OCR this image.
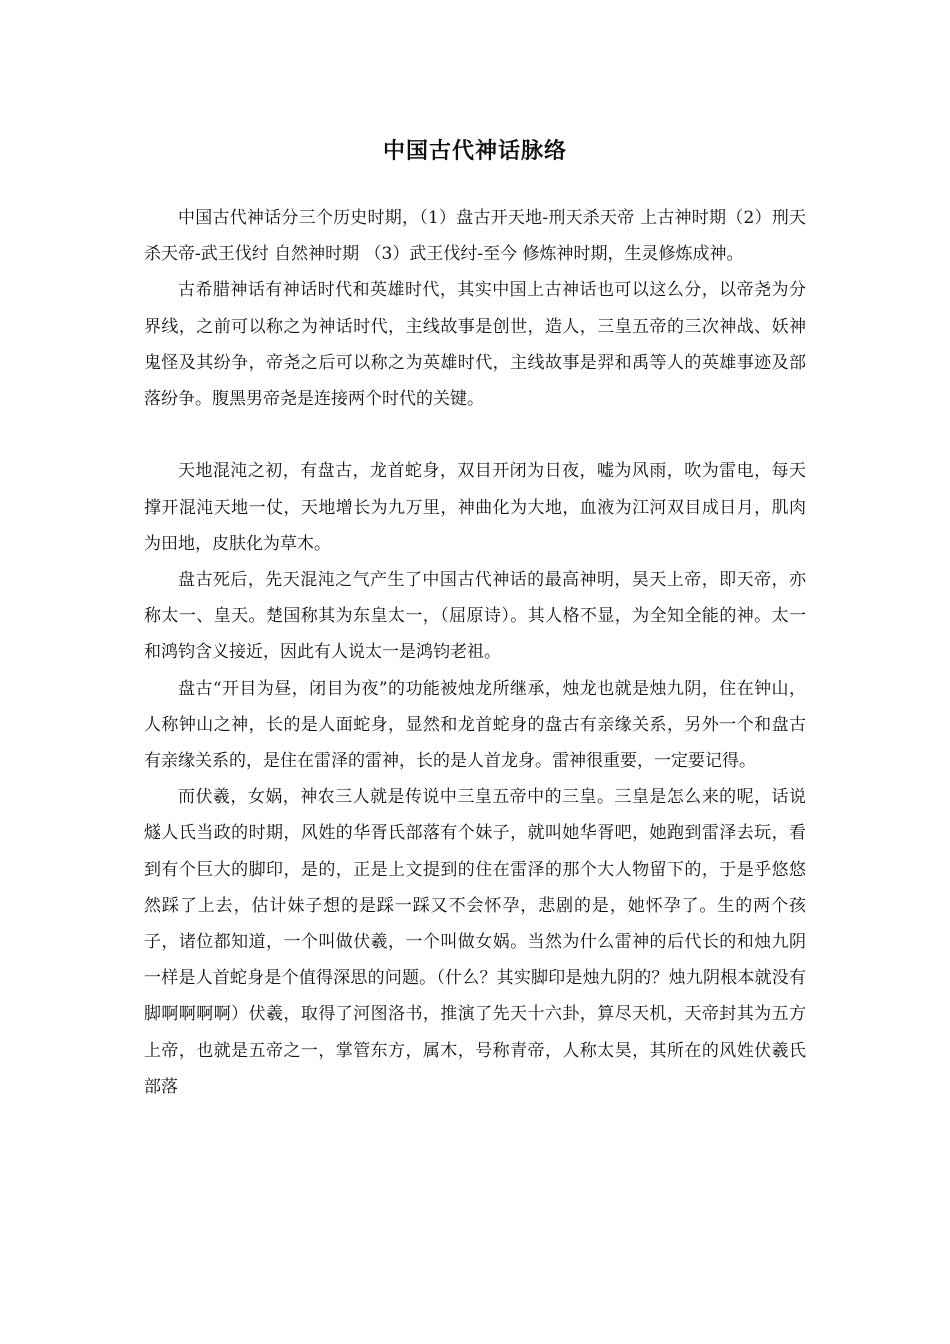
中国古代神话脉络

中国古代神话分三个历史时期，（1）盘古开天地-刑天杀天帝 上古神时期（2）刑天杀天帝-武王伐纣 自然神时期 （3）武王伐纣-至今 修炼神时期，生灵修炼成神。

古希腊神话有神话时代和英雄时代，其实中国上古神话也可以这么分，以帝尧为分界线，之前可以称之为神话时代，主线故事是创世，造人，三皇五帝的三次神战、妖神鬼怪及其纷争，帝尧之后可以称之为英雄时代，主线故事是羿和禹等人的英雄事迹及部落纷争。腹黑男帝尧是连接两个时代的关键。

天地混沌之初，有盘古，龙首蛇身，双目开闭为日夜，嘘为风雨，吹为雷电，每天撑开混沌天地一仗，天地增长为九万里，神曲化为大地，血液为江河双目成日月，肌肉为田地，皮肤化为草木。

盘古死后，先天混沌之气产生了中国古代神话的最高神明，昊天上帝，即天帝，亦称太一、皇天。楚国称其为东皇太一，（屈原诗）。其人格不显，为全知全能的神。太一和鸿钧含义接近，因此有人说太一是鸿钧老祖。

盘古“开目为昼，闭目为夜”的功能被烛龙所继承，烛龙也就是烛九阴，住在钟山，人称钟山之神，长的是人面蛇身，显然和龙首蛇身的盘古有亲缘关系，另外一个和盘古有亲缘关系的，是住在雷泽的雷神，长的是人首龙身。雷神很重要，一定要记得。

而伏羲，女娲，神农三人就是传说中三皇五帝中的三皇。三皇是怎么来的呢，话说燧人氏当政的时期，风姓的华胥氏部落有个妹子，就叫她华胥吧，她跑到雷泽去玩，看到有个巨大的脚印，是的，正是上文提到的住在雷泽的那个大人物留下的，于是乎悠悠然踩了上去，估计妹子想的是踩一踩又不会怀孕，悲剧的是，她怀孕了。生的两个孩子，诸位都知道，一个叫做伏羲，一个叫做女娲。当然为什么雷神的后代长的和烛九阴一样是人首蛇身是个值得深思的问题。（什么？其实脚印是烛九阴的？烛九阴根本就没有脚啊啊啊啊）伏羲，取得了河图洛书，推演了先天十六卦，算尽天机，天帝封其为五方上帝，也就是五帝之一，掌管东方，属木，号称青帝，人称太昊，其所在的风姓伏羲氏部落
